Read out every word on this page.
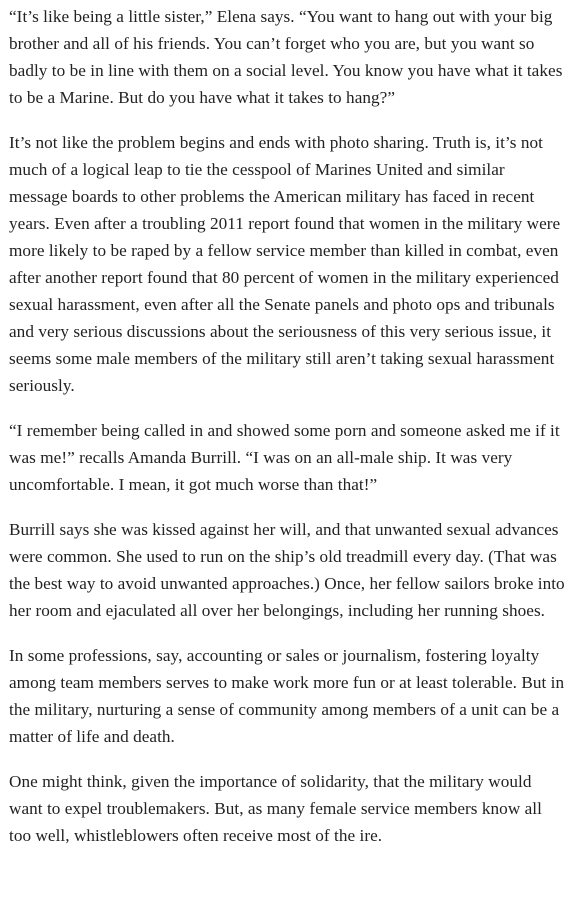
“It’s like being a little sister,” Elena says. “You want to hang out with your big brother and all of his friends. You can’t forget who you are, but you want so badly to be in line with them on a social level. You know you have what it takes to be a Marine. But do you have what it takes to hang?”

It’s not like the problem begins and ends with photo sharing. Truth is, it’s not much of a logical leap to tie the cesspool of Marines United and similar message boards to other problems the American military has faced in recent years. Even after a troubling 2011 report found that women in the military were more likely to be raped by a fellow service member than killed in combat, even after another report found that 80 percent of women in the military experienced sexual harassment, even after all the Senate panels and photo ops and tribunals and very serious discussions about the seriousness of this very serious issue, it seems some male members of the military still aren’t taking sexual harassment seriously.

“I remember being called in and showed some porn and someone asked me if it was me!” recalls Amanda Burrill. “I was on an all-male ship. It was very uncomfortable. I mean, it got much worse than that!”

Burrill says she was kissed against her will, and that unwanted sexual advances were common. She used to run on the ship’s old treadmill every day. (That was the best way to avoid unwanted approaches.) Once, her fellow sailors broke into her room and ejaculated all over her belongings, including her running shoes.

In some professions, say, accounting or sales or journalism, fostering loyalty among team members serves to make work more fun or at least tolerable. But in the military, nurturing a sense of community among members of a unit can be a matter of life and death.

One might think, given the importance of solidarity, that the military would want to expel troublemakers. But, as many female service members know all too well, whistleblowers often receive most of the ire.
